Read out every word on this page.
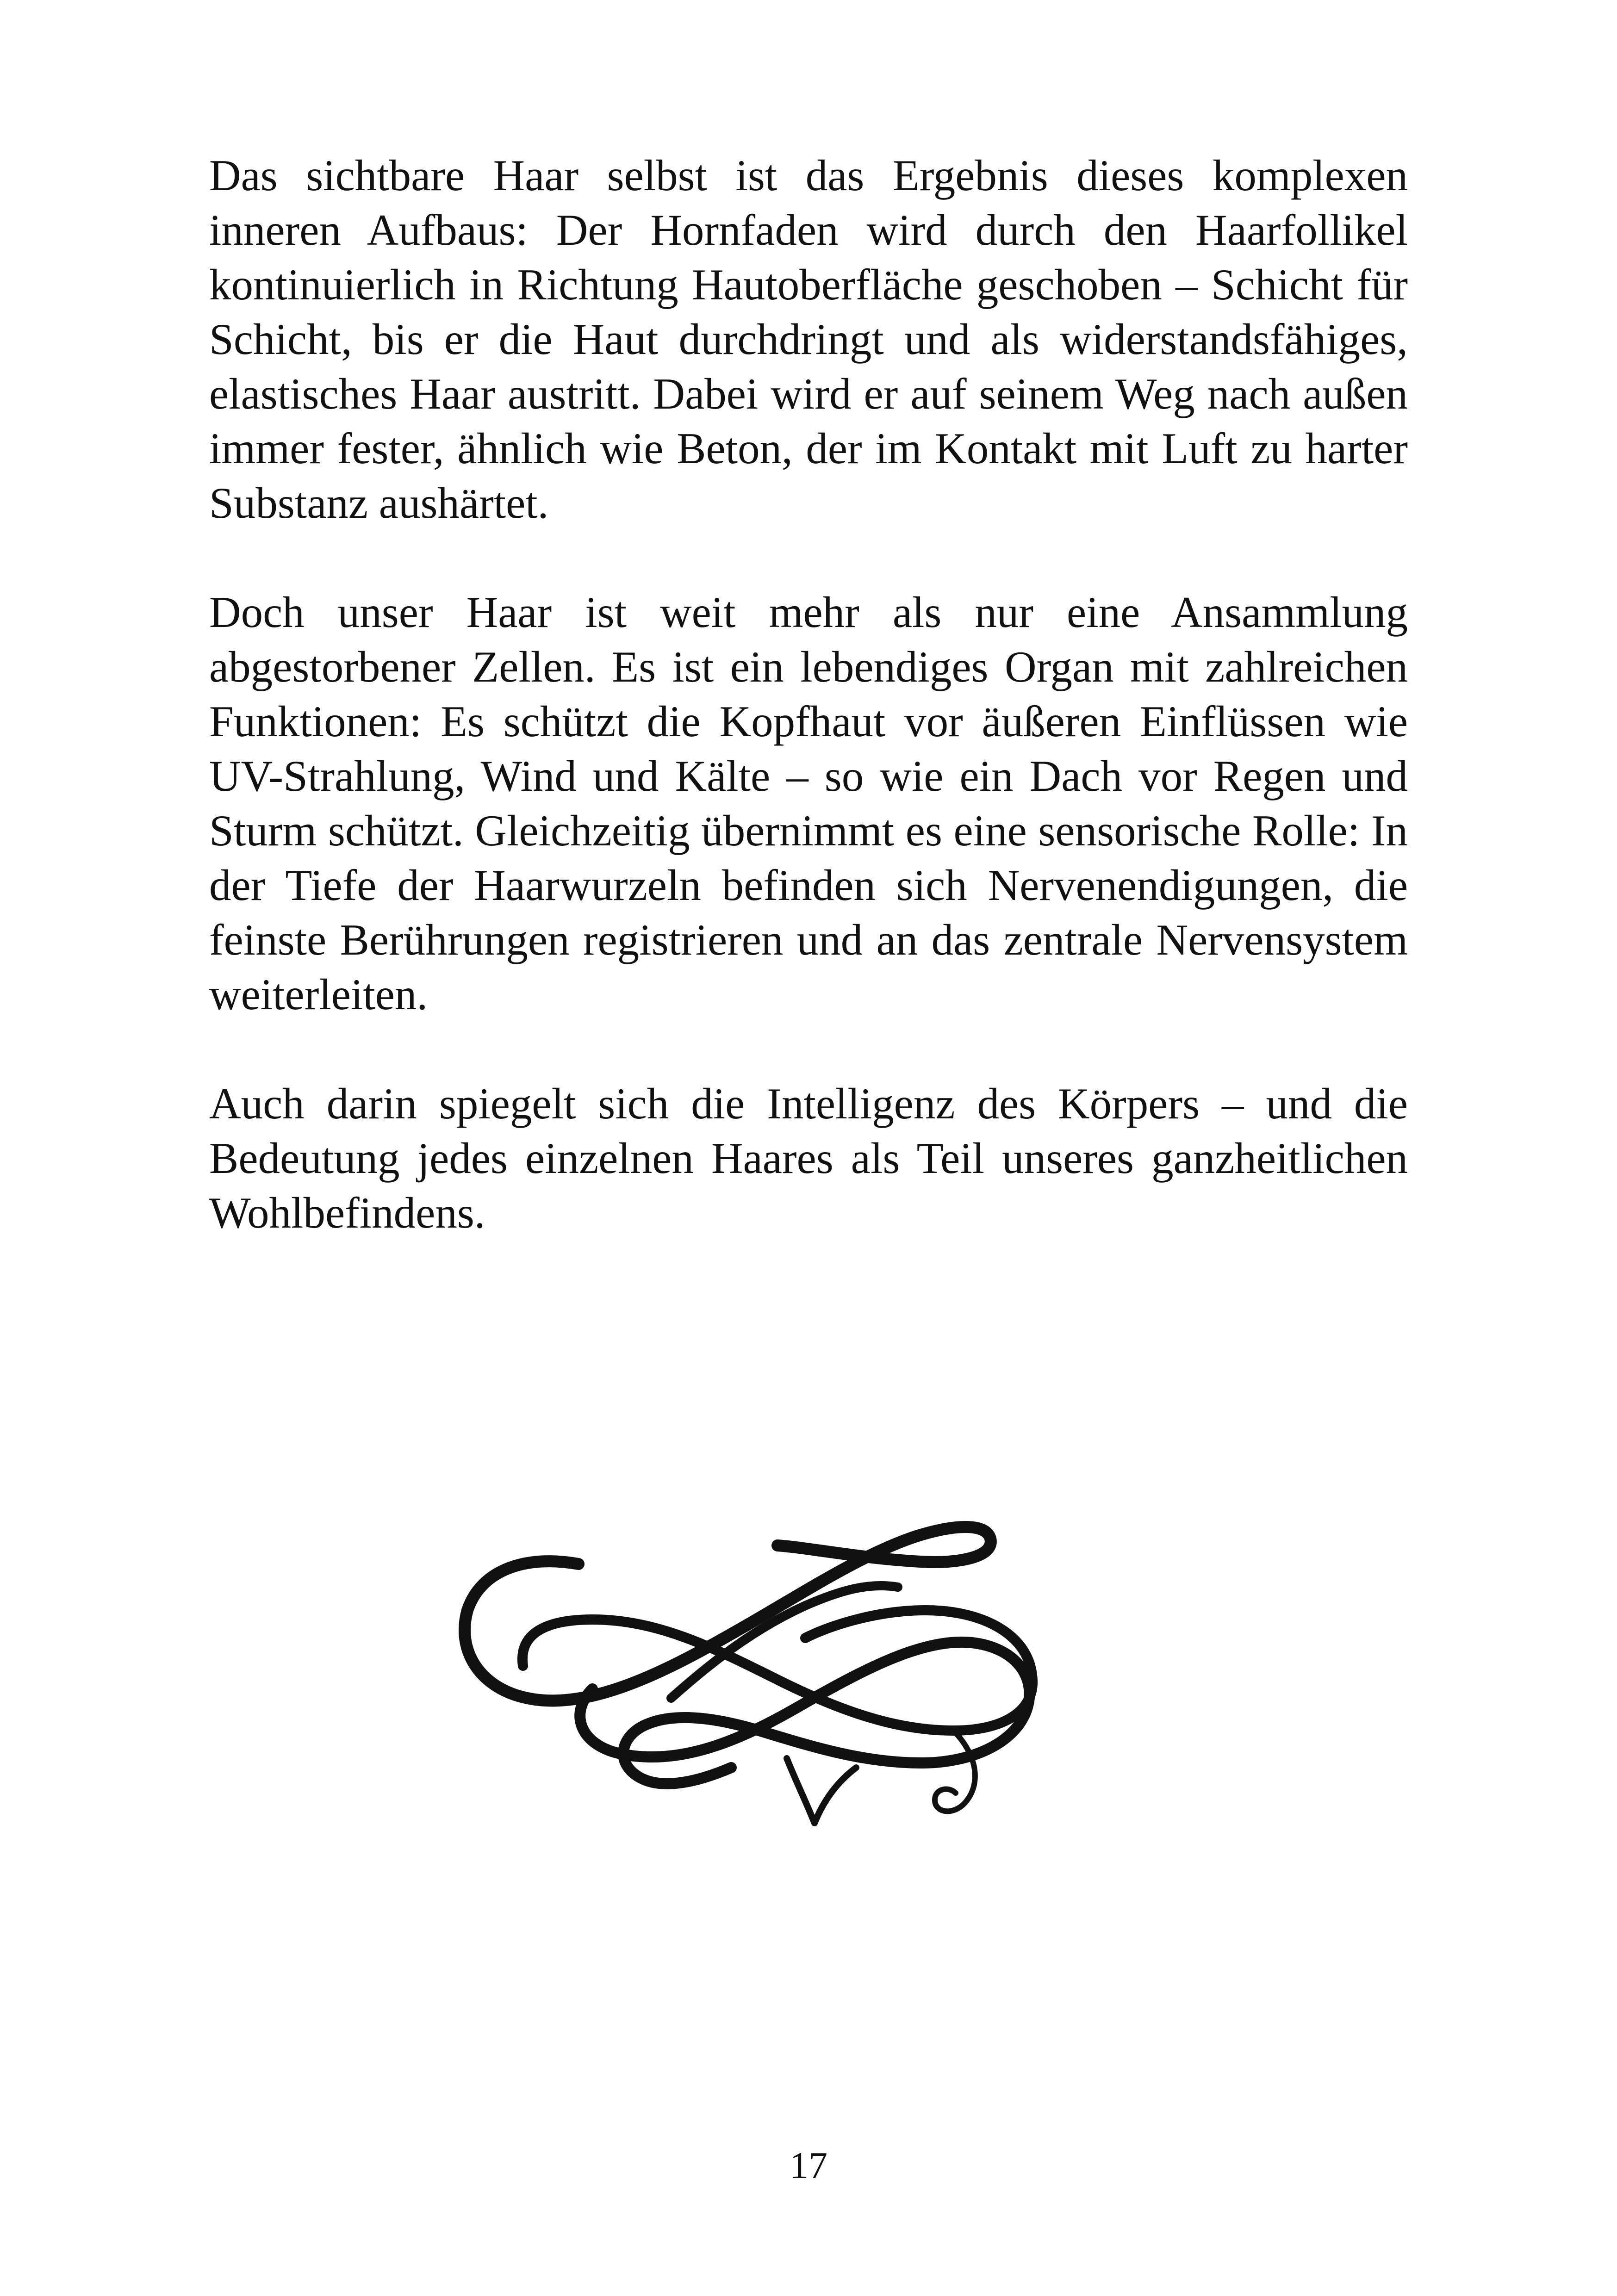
Das sichtbare Haar selbst ist das Ergebnis dieses komplexen inneren Aufbaus: Der Hornfaden wird durch den Haarfollikel kontinuierlich in Richtung Hautoberfläche geschoben – Schicht für Schicht, bis er die Haut durchdringt und als widerstandsfähiges, elastisches Haar austritt. Dabei wird er auf seinem Weg nach außen immer fester, ähnlich wie Beton, der im Kontakt mit Luft zu harter Substanz aushärtet.

Doch unser Haar ist weit mehr als nur eine Ansammlung abgestorbener Zellen. Es ist ein lebendiges Organ mit zahlreichen Funktionen: Es schützt die Kopfhaut vor äußeren Einflüssen wie UV-Strahlung, Wind und Kälte – so wie ein Dach vor Regen und Sturm schützt. Gleichzeitig übernimmt es eine sensorische Rolle: In der Tiefe der Haarwurzeln befinden sich Nervenendigungen, die feinste Berührungen registrieren und an das zentrale Nervensystem weiterleiten.

Auch darin spiegelt sich die Intelligenz des Körpers – und die Bedeutung jedes einzelnen Haares als Teil unseres ganzheitlichen Wohlbefindens.

17
